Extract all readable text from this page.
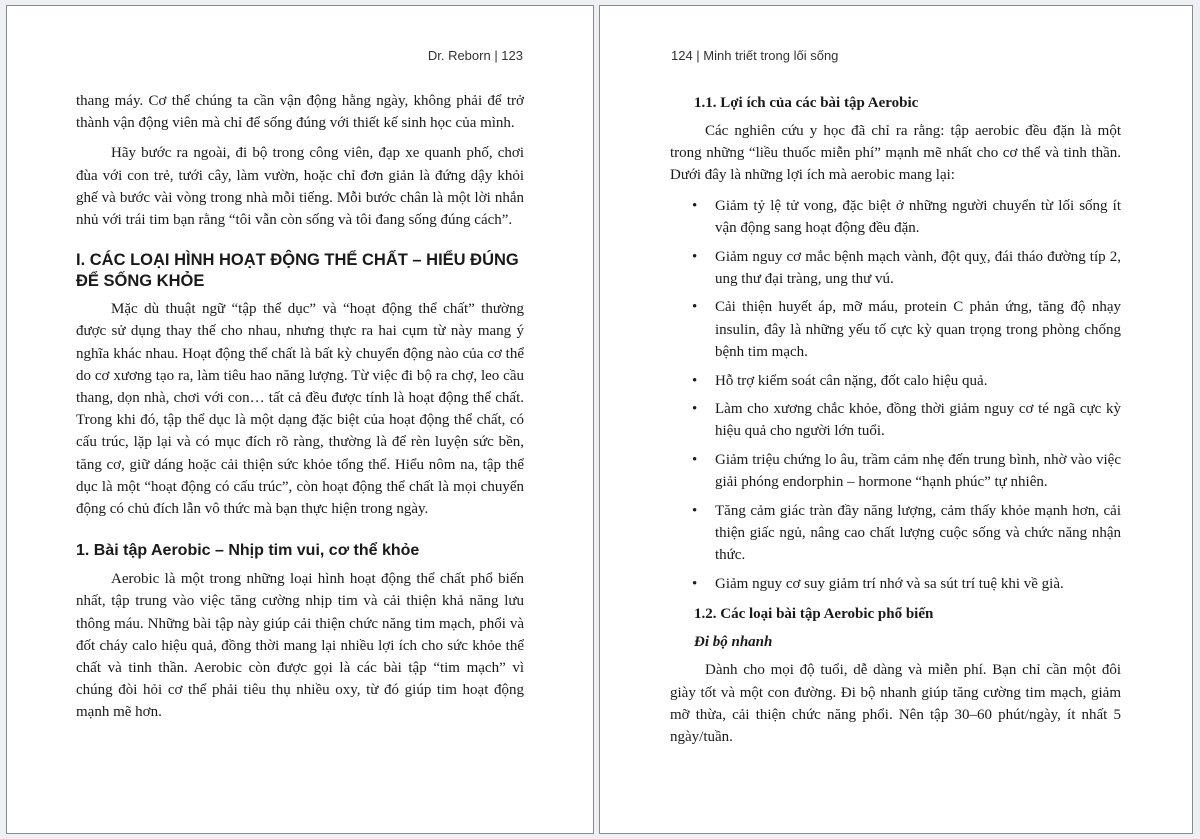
Dr. Reborn | 123

thang máy. Cơ thể chúng ta cần vận động hằng ngày, không phải để trở thành vận động viên mà chỉ để sống đúng với thiết kế sinh học của mình.

Hãy bước ra ngoài, đi bộ trong công viên, đạp xe quanh phố, chơi đùa với con trẻ, tưới cây, làm vườn, hoặc chỉ đơn giản là đứng dậy khỏi ghế và bước vài vòng trong nhà mỗi tiếng. Mỗi bước chân là một lời nhắn nhủ với trái tim bạn rằng “tôi vẫn còn sống và tôi đang sống đúng cách”.

I. CÁC LOẠI HÌNH HOẠT ĐỘNG THỂ CHẤT – HIỂU ĐÚNG ĐỂ SỐNG KHỎE

Mặc dù thuật ngữ “tập thể dục” và “hoạt động thể chất” thường được sử dụng thay thế cho nhau, nhưng thực ra hai cụm từ này mang ý nghĩa khác nhau. Hoạt động thể chất là bất kỳ chuyển động nào của cơ thể do cơ xương tạo ra, làm tiêu hao năng lượng. Từ việc đi bộ ra chợ, leo cầu thang, dọn nhà, chơi với con… tất cả đều được tính là hoạt động thể chất. Trong khi đó, tập thể dục là một dạng đặc biệt của hoạt động thể chất, có cấu trúc, lặp lại và có mục đích rõ ràng, thường là để rèn luyện sức bền, tăng cơ, giữ dáng hoặc cải thiện sức khỏe tổng thể. Hiểu nôm na, tập thể dục là một “hoạt động có cấu trúc”, còn hoạt động thể chất là mọi chuyển động có chủ đích lẫn vô thức mà bạn thực hiện trong ngày.

1. Bài tập Aerobic – Nhịp tim vui, cơ thể khỏe

Aerobic là một trong những loại hình hoạt động thể chất phổ biến nhất, tập trung vào việc tăng cường nhịp tim và cải thiện khả năng lưu thông máu. Những bài tập này giúp cải thiện chức năng tim mạch, phổi và đốt cháy calo hiệu quả, đồng thời mang lại nhiều lợi ích cho sức khỏe thể chất và tinh thần. Aerobic còn được gọi là các bài tập “tim mạch” vì chúng đòi hỏi cơ thể phải tiêu thụ nhiều oxy, từ đó giúp tim hoạt động mạnh mẽ hơn.

124 | Minh triết trong lối sống
1.1. Lợi ích của các bài tập Aerobic

Các nghiên cứu y học đã chỉ ra rằng: tập aerobic đều đặn là một trong những “liều thuốc miễn phí” mạnh mẽ nhất cho cơ thể và tinh thần. Dưới đây là những lợi ích mà aerobic mang lại:

• Giảm tỷ lệ tử vong, đặc biệt ở những người chuyển từ lối sống ít vận động sang hoạt động đều đặn.
• Giảm nguy cơ mắc bệnh mạch vành, đột quỵ, đái tháo đường típ 2, ung thư đại tràng, ung thư vú.
• Cải thiện huyết áp, mỡ máu, protein C phản ứng, tăng độ nhạy insulin, đây là những yếu tố cực kỳ quan trọng trong phòng chống bệnh tim mạch.
• Hỗ trợ kiểm soát cân nặng, đốt calo hiệu quả.
• Làm cho xương chắc khỏe, đồng thời giảm nguy cơ té ngã cực kỳ hiệu quả cho người lớn tuổi.
• Giảm triệu chứng lo âu, trầm cảm nhẹ đến trung bình, nhờ vào việc giải phóng endorphin – hormone “hạnh phúc” tự nhiên.
• Tăng cảm giác tràn đầy năng lượng, cảm thấy khỏe mạnh hơn, cải thiện giấc ngủ, nâng cao chất lượng cuộc sống và chức năng nhận thức.
• Giảm nguy cơ suy giảm trí nhớ và sa sút trí tuệ khi về già.
1.2. Các loại bài tập Aerobic phổ biến
Đi bộ nhanh

Dành cho mọi độ tuổi, dễ dàng và miễn phí. Bạn chỉ cần một đôi giày tốt và một con đường. Đi bộ nhanh giúp tăng cường tim mạch, giảm mỡ thừa, cải thiện chức năng phổi. Nên tập 30–60 phút/ngày, ít nhất 5 ngày/tuần.
